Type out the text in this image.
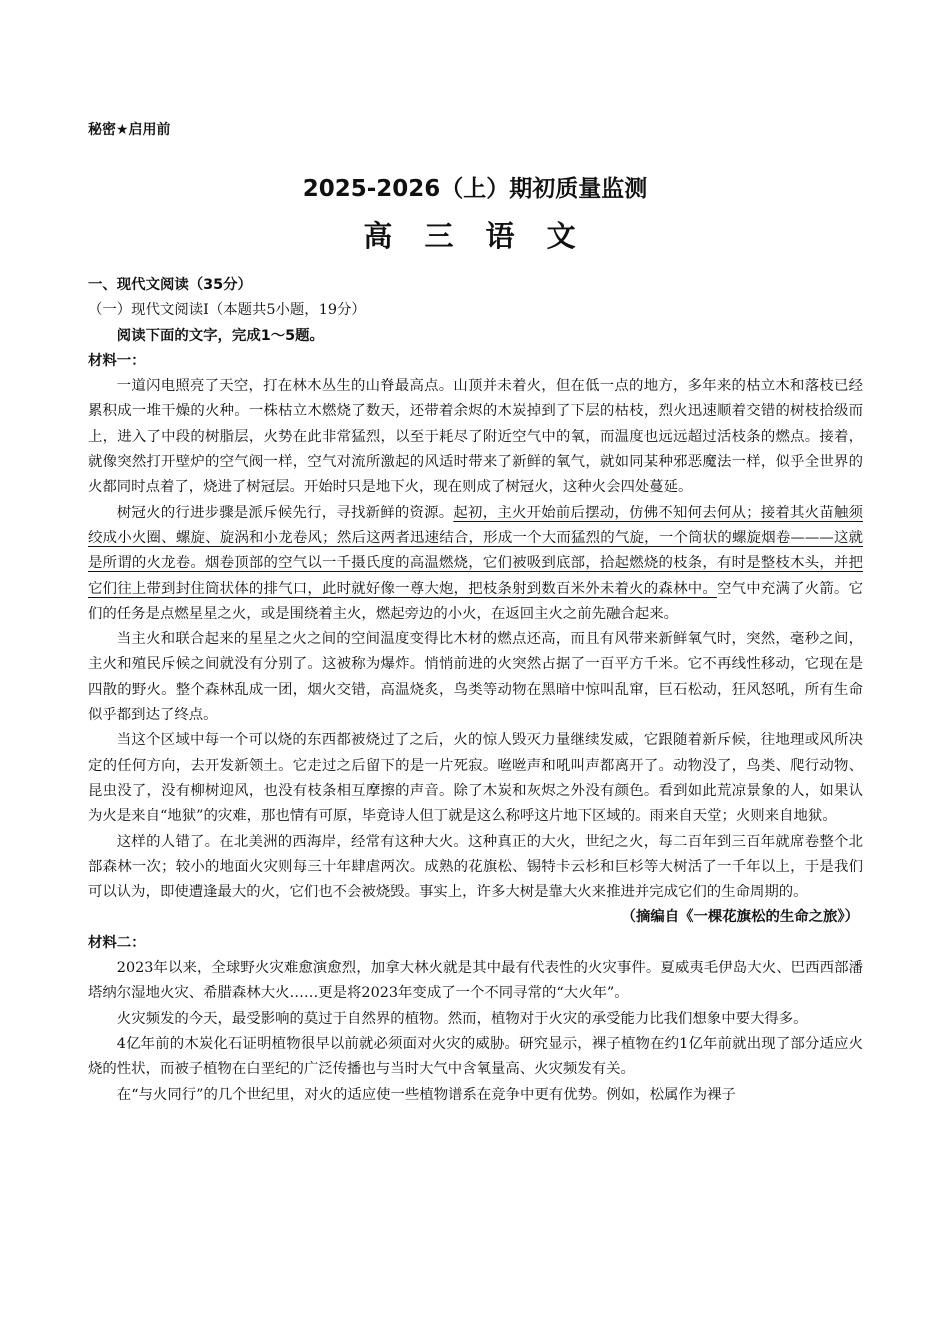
秘密★启用前
2025-2026（上）期初质量监测
高 三 语 文

一、现代文阅读（35分）

（一）现代文阅读Ⅰ（本题共5小题，19分）

阅读下面的文字，完成1～5题。

材料一：

一道闪电照亮了天空，打在林木丛生的山脊最高点。山顶并未着火，但在低一点的地方，多年来的枯立木和落枝已经累积成一堆干燥的火种。一株枯立木燃烧了数天，还带着余烬的木炭掉到了下层的枯枝，烈火迅速顺着交错的树枝拾级而上，进入了中段的树脂层，火势在此非常猛烈，以至于耗尽了附近空气中的氧，而温度也远远超过活枝条的燃点。接着，就像突然打开壁炉的空气阀一样，空气对流所激起的风适时带来了新鲜的氧气，就如同某种邪恶魔法一样，似乎全世界的火都同时点着了，烧进了树冠层。开始时只是地下火，现在则成了树冠火，这种火会四处蔓延。

树冠火的行进步骤是派斥候先行，寻找新鲜的资源。起初，主火开始前后摆动，仿佛不知何去何从；接着其火苗触须绞成小火圈、螺旋、旋涡和小龙卷风；然后这两者迅速结合，形成一个大而猛烈的气旋，一个筒状的螺旋烟卷———这就是所谓的火龙卷。烟卷顶部的空气以一千摄氏度的高温燃烧，它们被吸到底部，拾起燃烧的枝条，有时是整枝木头，并把它们往上带到封住筒状体的排气口，此时就好像一尊大炮，把枝条射到数百米外未着火的森林中。空气中充满了火箭。它们的任务是点燃星星之火，或是围绕着主火，燃起旁边的小火，在返回主火之前先融合起来。

当主火和联合起来的星星之火之间的空间温度变得比木材的燃点还高，而且有风带来新鲜氧气时，突然，毫秒之间，主火和殖民斥候之间就没有分别了。这被称为爆炸。悄悄前进的火突然占据了一百平方千米。它不再线性移动，它现在是四散的野火。整个森林乱成一团，烟火交错，高温烧炙，鸟类等动物在黑暗中惊叫乱窜，巨石松动，狂风怒吼，所有生命似乎都到达了终点。

当这个区域中每一个可以烧的东西都被烧过了之后，火的惊人毁灭力量继续发威，它跟随着新斥候，往地理或风所决定的任何方向，去开发新领土。它走过之后留下的是一片死寂。咝咝声和吼叫声都离开了。动物没了，鸟类、爬行动物、昆虫没了，没有柳树迎风，也没有枝条相互摩擦的声音。除了木炭和灰烬之外没有颜色。看到如此荒凉景象的人，如果认为火是来自“地狱”的灾难，那也情有可原，毕竟诗人但丁就是这么称呼这片地下区域的。雨来自天堂；火则来自地狱。

这样的人错了。在北美洲的西海岸，经常有这种大火。这种真正的大火，世纪之火，每二百年到三百年就席卷整个北部森林一次；较小的地面火灾则每三十年肆虐两次。成熟的花旗松、锡特卡云杉和巨杉等大树活了一千年以上，于是我们可以认为，即使遭逢最大的火，它们也不会被烧毁。事实上，许多大树是靠大火来推进并完成它们的生命周期的。

（摘编自《一棵花旗松的生命之旅》）

材料二：

2023年以来，全球野火灾难愈演愈烈，加拿大林火就是其中最有代表性的火灾事件。夏威夷毛伊岛大火、巴西西部潘塔纳尔湿地火灾、希腊森林大火……更是将2023年变成了一个不同寻常的“大火年”。

火灾频发的今天，最受影响的莫过于自然界的植物。然而，植物对于火灾的承受能力比我们想象中要大得多。

4亿年前的木炭化石证明植物很早以前就必须面对火灾的威胁。研究显示，裸子植物在约1亿年前就出现了部分适应火烧的性状，而被子植物在白垩纪的广泛传播也与当时大气中含氧量高、火灾频发有关。

在“与火同行”的几个世纪里，对火的适应使一些植物谱系在竞争中更有优势。例如，松属作为裸子
